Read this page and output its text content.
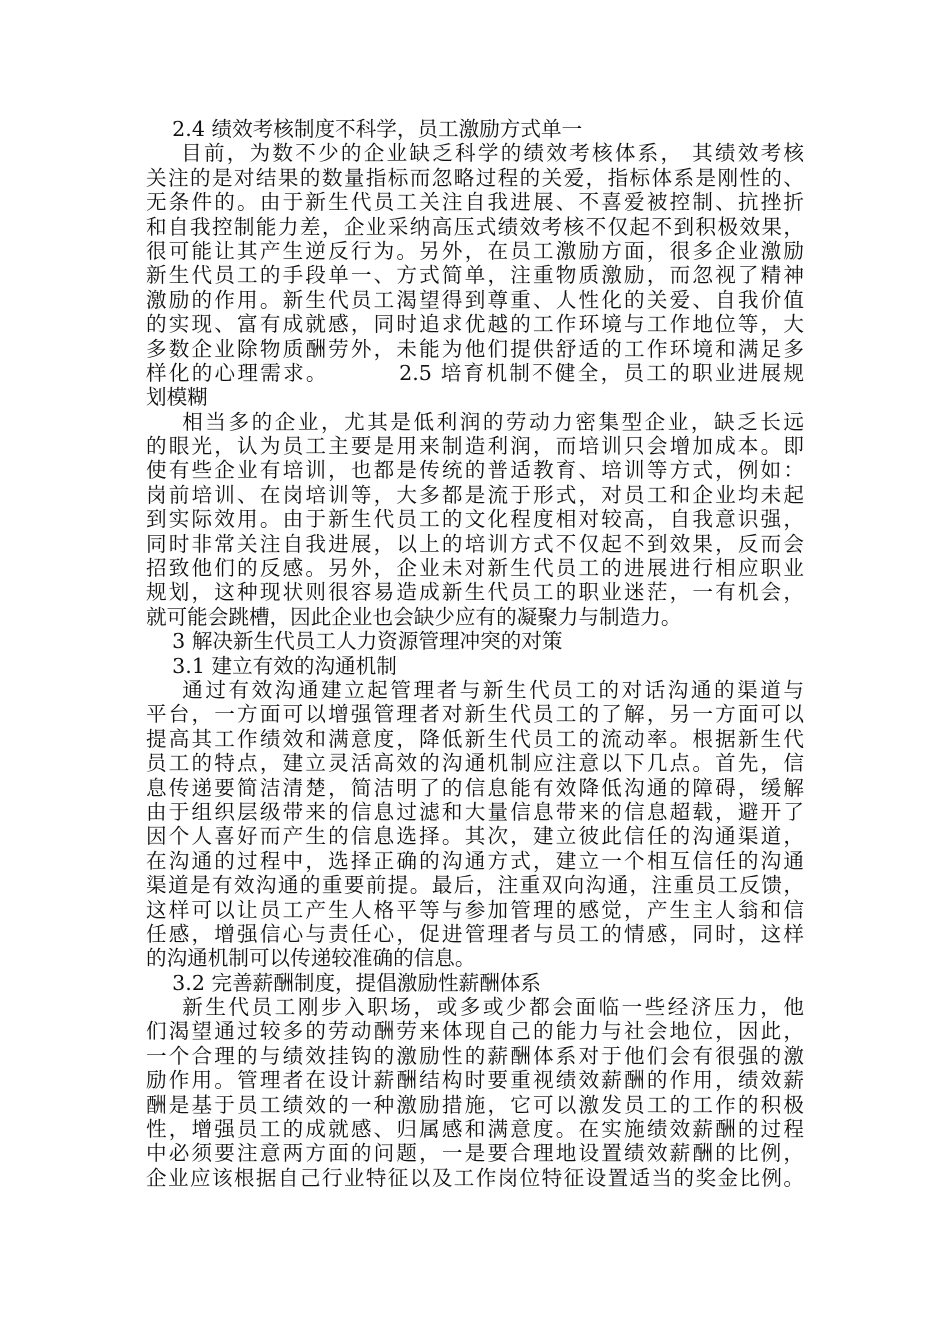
2.4 绩效考核制度不科学，员工激励方式单一
目前，为数不少的企业缺乏科学的绩效考核体系， 其绩效考核
关注的是对结果的数量指标而忽略过程的关爱，指标体系是刚性的、
无条件的。由于新生代员工关注自我进展、不喜爱被控制、抗挫折
和自我控制能力差，企业采纳高压式绩效考核不仅起不到积极效果，
很可能让其产生逆反行为。另外，在员工激励方面，很多企业激励
新生代员工的手段单一、方式简单，注重物质激励，而忽视了精神
激励的作用。新生代员工渴望得到尊重、人性化的关爱、自我价值
的实现、富有成就感，同时追求优越的工作环境与工作地位等，大
多数企业除物质酬劳外，未能为他们提供舒适的工作环境和满足多
样化的心理需求。        2.5 培育机制不健全，员工的职业进展规
划模糊
相当多的企业，尤其是低利润的劳动力密集型企业，缺乏长远
的眼光，认为员工主要是用来制造利润，而培训只会增加成本。即
使有些企业有培训，也都是传统的普适教育、培训等方式，例如：
岗前培训、在岗培训等，大多都是流于形式，对员工和企业均未起
到实际效用。由于新生代员工的文化程度相对较高，自我意识强，
同时非常关注自我进展，以上的培训方式不仅起不到效果，反而会
招致他们的反感。另外，企业未对新生代员工的进展进行相应职业
规划，这种现状则很容易造成新生代员工的职业迷茫，一有机会，
就可能会跳槽，因此企业也会缺少应有的凝聚力与制造力。
3 解决新生代员工人力资源管理冲突的对策
3.1 建立有效的沟通机制
通过有效沟通建立起管理者与新生代员工的对话沟通的渠道与
平台，一方面可以增强管理者对新生代员工的了解，另一方面可以
提高其工作绩效和满意度，降低新生代员工的流动率。根据新生代
员工的特点，建立灵活高效的沟通机制应注意以下几点。首先，信
息传递要简洁清楚，简洁明了的信息能有效降低沟通的障碍，缓解
由于组织层级带来的信息过滤和大量信息带来的信息超载，避开了
因个人喜好而产生的信息选择。其次，建立彼此信任的沟通渠道，
在沟通的过程中，选择正确的沟通方式，建立一个相互信任的沟通
渠道是有效沟通的重要前提。最后，注重双向沟通，注重员工反馈，
这样可以让员工产生人格平等与参加管理的感觉，产生主人翁和信
任感，增强信心与责任心，促进管理者与员工的情感，同时，这样
的沟通机制可以传递较准确的信息。
3.2 完善薪酬制度，提倡激励性薪酬体系
新生代员工刚步入职场，或多或少都会面临一些经济压力，他
们渴望通过较多的劳动酬劳来体现自己的能力与社会地位，因此，
一个合理的与绩效挂钩的激励性的薪酬体系对于他们会有很强的激
励作用。管理者在设计薪酬结构时要重视绩效薪酬的作用，绩效薪
酬是基于员工绩效的一种激励措施，它可以激发员工的工作的积极
性，增强员工的成就感、归属感和满意度。在实施绩效薪酬的过程
中必须要注意两方面的问题，一是要合理地设置绩效薪酬的比例，
企业应该根据自己行业特征以及工作岗位特征设置适当的奖金比例。
